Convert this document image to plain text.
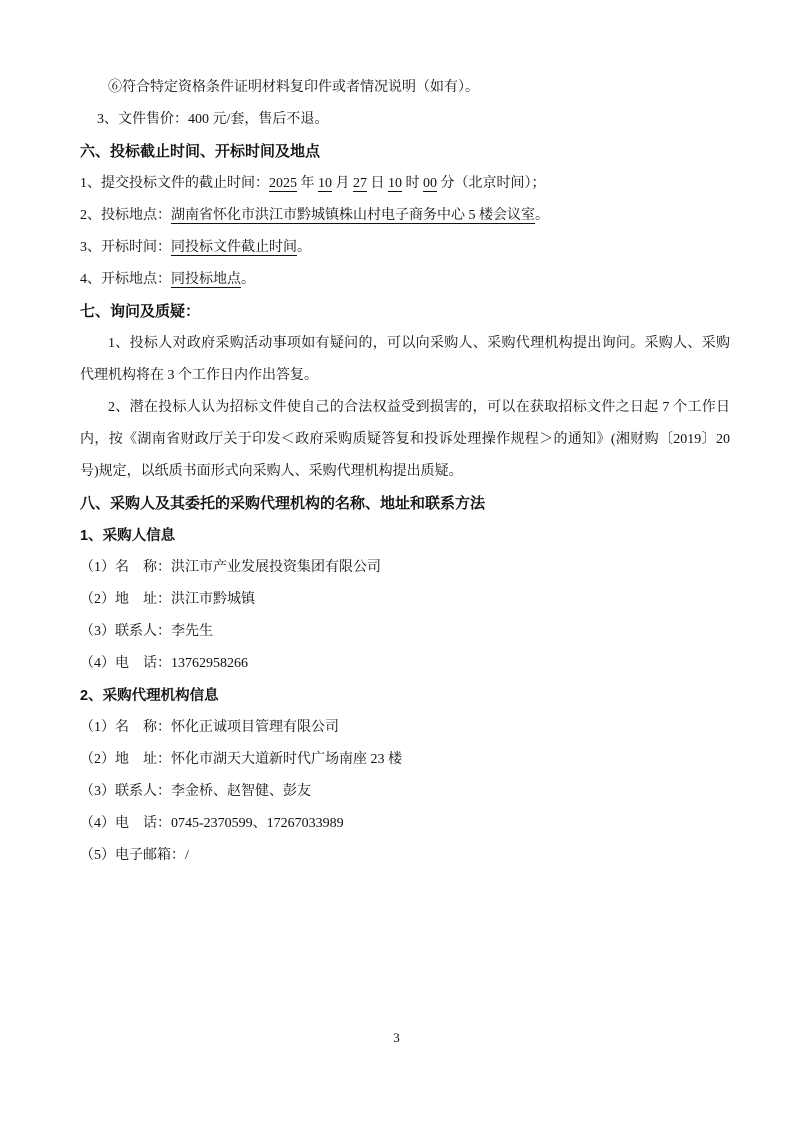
⑥符合特定资格条件证明材料复印件或者情况说明（如有）。

3、文件售价：400 元/套，售后不退。

六、投标截止时间、开标时间及地点

1、提交投标文件的截止时间：2025 年 10 月 27 日 10 时 00 分（北京时间）；

2、投标地点：湖南省怀化市洪江市黔城镇株山村电子商务中心 5 楼会议室。

3、开标时间：同投标文件截止时间。

4、开标地点：同投标地点。

七、询问及质疑：

1、投标人对政府采购活动事项如有疑问的，可以向采购人、采购代理机构提出询问。采购人、采购代理机构将在 3 个工作日内作出答复。

2、潜在投标人认为招标文件使自己的合法权益受到损害的，可以在获取招标文件之日起 7 个工作日内，按《湖南省财政厅关于印发＜政府采购质疑答复和投诉处理操作规程＞的通知》(湘财购〔2019〕20 号)规定，以纸质书面形式向采购人、采购代理机构提出质疑。

八、采购人及其委托的采购代理机构的名称、地址和联系方法
1、采购人信息

（1）名　称：洪江市产业发展投资集团有限公司

（2）地　址：洪江市黔城镇

（3）联系人：李先生

（4）电　话：13762958266

2、采购代理机构信息

（1）名　称：怀化正诚项目管理有限公司

（2）地　址：怀化市湖天大道新时代广场南座 23 楼

（3）联系人：李金桥、赵智健、彭友

（4）电　话：0745-2370599、17267033989

（5）电子邮箱：/

3
